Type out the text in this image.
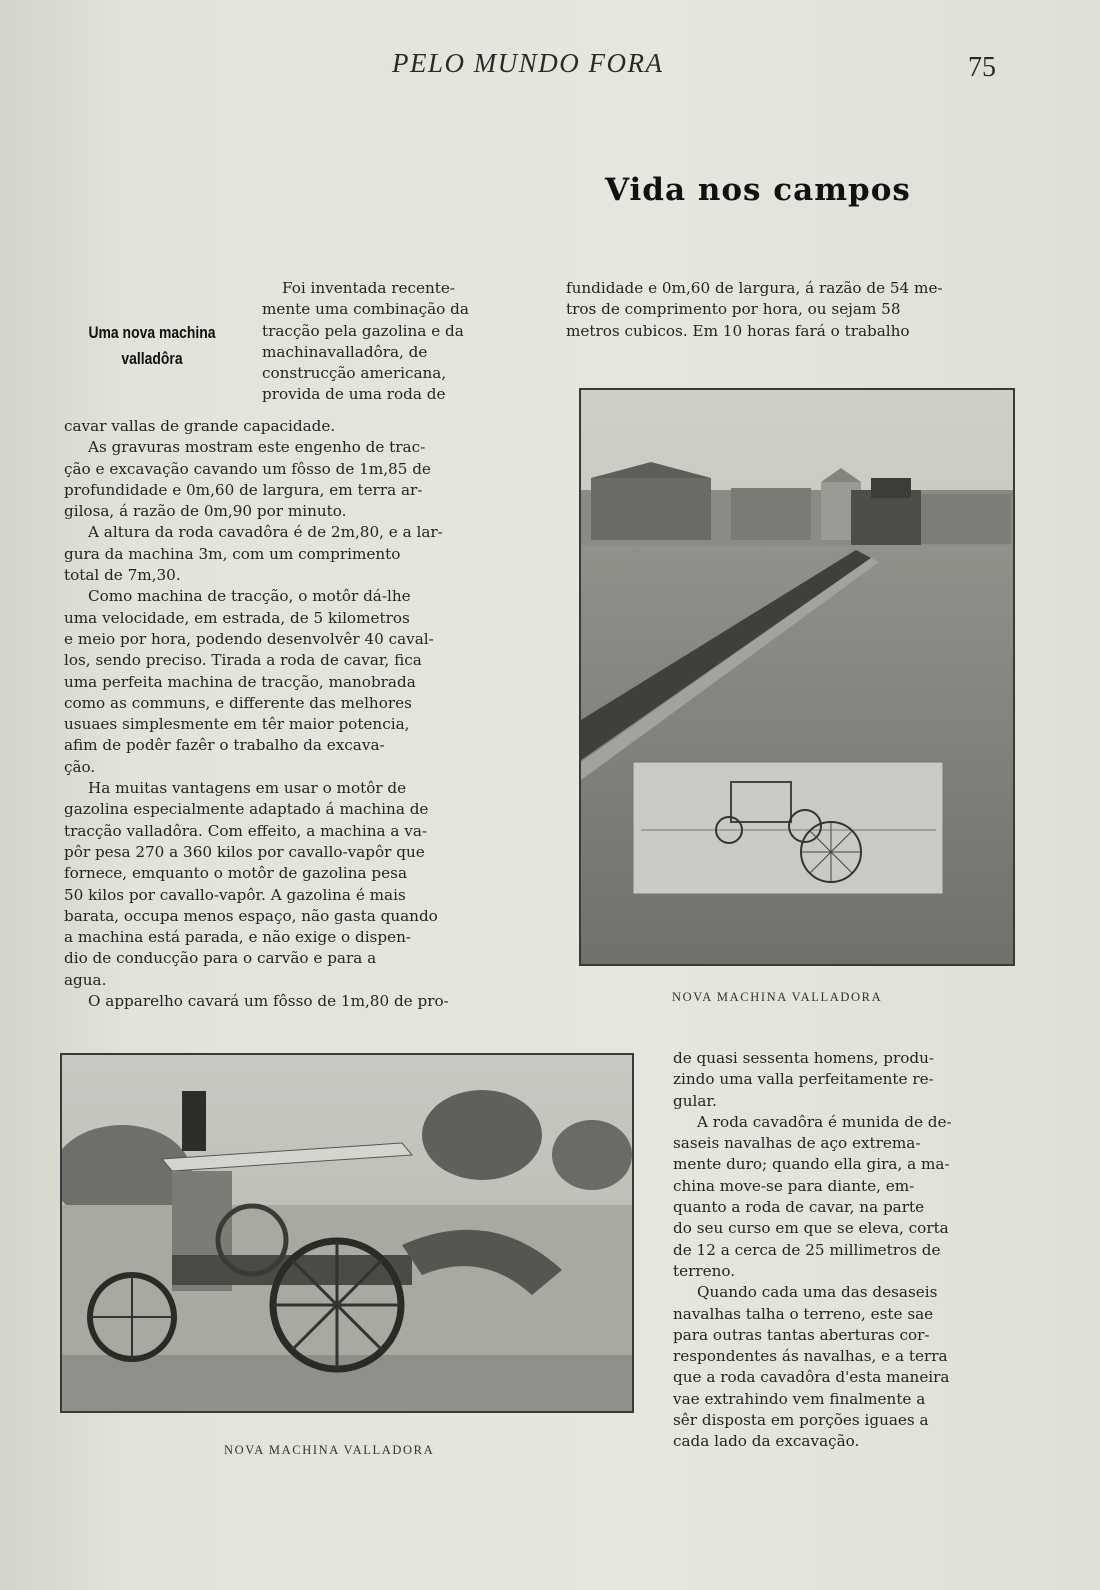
PELO MUNDO FORA	75
Vida nos campos
Uma nova machina
valladôra
Foi inventada recente-
mente uma combinação da
tracção pela gazolina e da
machinavalladôra, de
construcção americana,
provida de uma roda de
cavar vallas de grande capacidade.
As gravuras mostram este engenho de trac-
ção e excavação cavando um fôsso de 1m,85 de
profundidade e 0m,60 de largura, em terra ar-
gilosa, á razão de 0m,90 por minuto.
A altura da roda cavadôra é de 2m,80, e a lar-
gura da machina 3m, com um comprimento
total de 7m,30.
Como machina de tracção, o motôr dá-lhe
uma velocidade, em estrada, de 5 kilometros
e meio por hora, podendo desenvolvêr 40 caval-
los, sendo preciso. Tirada a roda de cavar, fica
uma perfeita machina de tracção, manobrada
como as communs, e differente das melhores
usuaes simplesmente em têr maior potencia,
afim de podêr fazêr o trabalho da excava-
ção.
Ha muitas vantagens em usar o motôr de
gazolina especialmente adaptado á machina de
tracção valladôra. Com effeito, a machina a va-
pôr pesa 270 a 360 kilos por cavallo-vapôr que
fornece, emquanto o motôr de gazolina pesa
50 kilos por cavallo-vapôr. A gazolina é mais
barata, occupa menos espaço, não gasta quando
a machina está parada, e não exige o dispen-
dio de conducção para o carvão e para a
agua.
O apparelho cavará um fôsso de 1m,80 de pro-
fundidade e 0m,60 de largura, á razão de 54 me-
tros de comprimento por hora, ou sejam 58
metros cubicos. Em 10 horas fará o trabalho
NOVA MACHINA VALLADORA
NOVA MACHINA VALLADORA
de quasi sessenta homens, produ-
zindo uma valla perfeitamente re-
gular.
A roda cavadôra é munida de de-
saseis navalhas de aço extrema-
mente duro; quando ella gira, a ma-
china move-se para diante, em-
quanto a roda de cavar, na parte
do seu curso em que se eleva, corta
de 12 a cerca de 25 millimetros de
terreno.
Quando cada uma das desaseis
navalhas talha o terreno, este sae
para outras tantas aberturas cor-
respondentes ás navalhas, e a terra
que a roda cavadôra d'esta maneira
vae extrahindo vem finalmente a
sêr disposta em porções iguaes a
cada lado da excavação.
